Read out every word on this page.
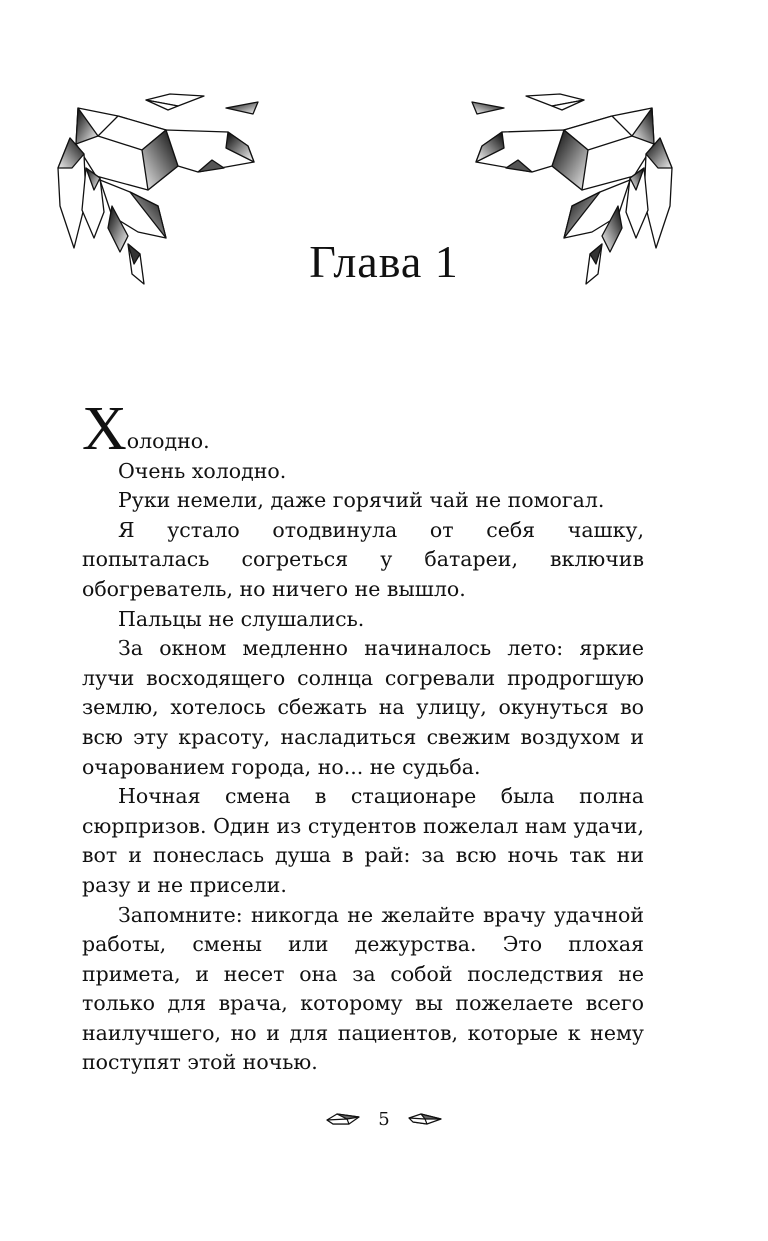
Глава 1

Холодно.

Очень холодно.

Руки немели, даже горячий чай не помогал.

Я устало отодвинула от себя чашку, попыталась согреться у батареи, включив обогреватель, но ничего не вышло.

Пальцы не слушались.

За окном медленно начиналось лето: яркие лучи восходящего солнца согревали продрогшую землю, хотелось сбежать на улицу, окунуться во всю эту красоту, насладиться свежим воздухом и очарованием города, но... не судьба.

Ночная смена в стационаре была полна сюрпризов. Один из студентов пожелал нам удачи, вот и понеслась душа в рай: за всю ночь так ни разу и не присели.

Запомните: никогда не желайте врачу удачной работы, смены или дежурства. Это плохая примета, и несет она за собой последствия не только для врача, которому вы пожелаете всего наилучшего, но и для пациентов, которые к нему поступят этой ночью.

5
